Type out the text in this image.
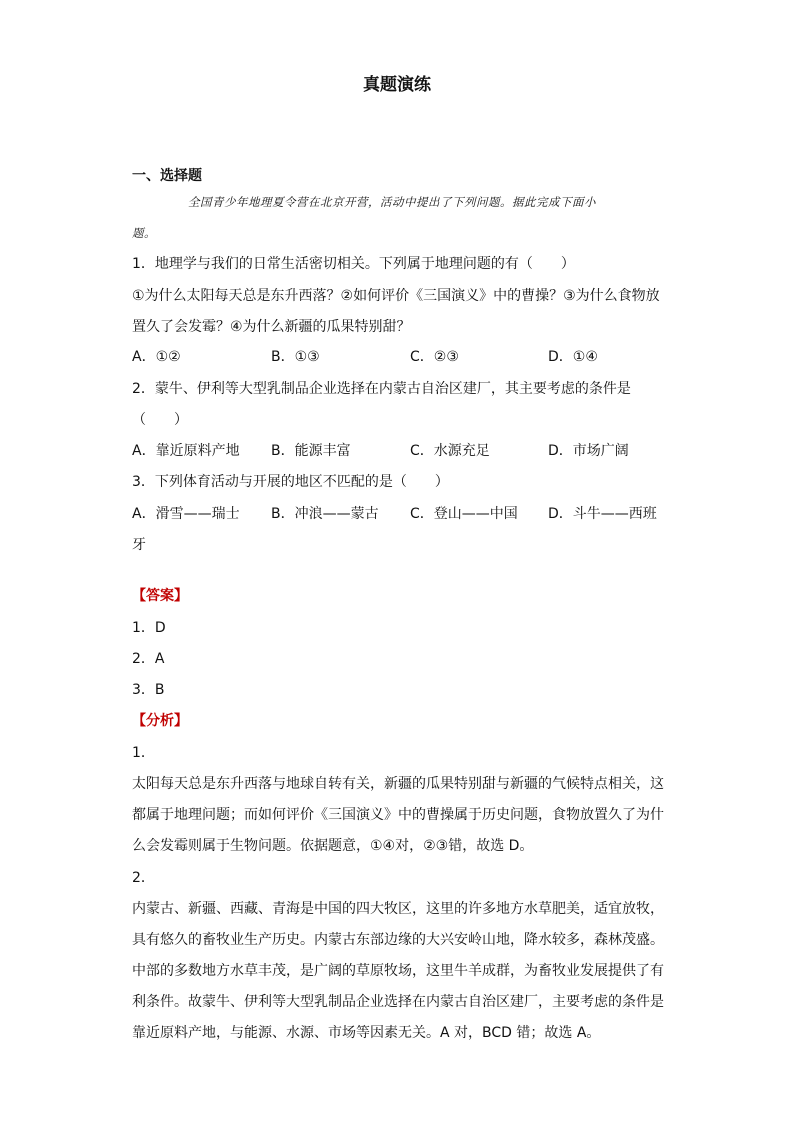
真题演练
一、选择题
全国青少年地理夏令营在北京开营，活动中提出了下列问题。据此完成下面小
题。
1．地理学与我们的日常生活密切相关。下列属于地理问题的有（　　）
①为什么太阳每天总是东升西落？②如何评价《三国演义》中的曹操？③为什么食物放
置久了会发霉？④为什么新疆的瓜果特别甜？
A．①②	B．①③	C．②③	D．①④
2．蒙牛、伊利等大型乳制品企业选择在内蒙古自治区建厂，其主要考虑的条件是
（　　）
A．靠近原料产地 B．能源丰富	C．水源充足	D．市场广阔
3．下列体育活动与开展的地区不匹配的是（　　）
A．滑雪——瑞士 B．冲浪——蒙古 C．登山——中国 D．斗牛——西班
牙
【答案】
1．D
2．A
3．B
【分析】
1．
太阳每天总是东升西落与地球自转有关，新疆的瓜果特别甜与新疆的气候特点相关，这
都属于地理问题；而如何评价《三国演义》中的曹操属于历史问题，食物放置久了为什
么会发霉则属于生物问题。依据题意，①④对，②③错，故选 D。
2．
内蒙古、新疆、西藏、青海是中国的四大牧区，这里的许多地方水草肥美，适宜放牧，
具有悠久的畜牧业生产历史。内蒙古东部边缘的大兴安岭山地，降水较多，森林茂盛。
中部的多数地方水草丰茂，是广阔的草原牧场，这里牛羊成群，为畜牧业发展提供了有
利条件。故蒙牛、伊利等大型乳制品企业选择在内蒙古自治区建厂，主要考虑的条件是
靠近原料产地，与能源、水源、市场等因素无关。A 对，BCD 错；故选 A。
